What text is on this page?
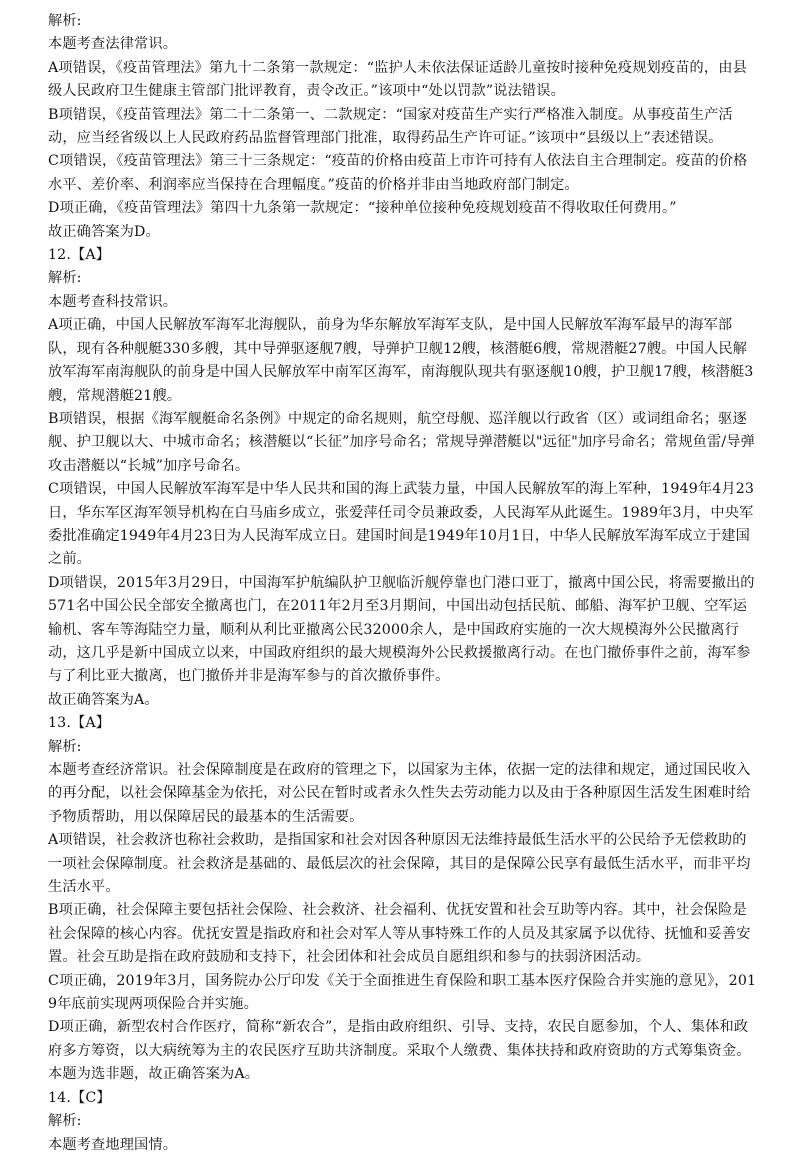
解析:
本题考查法律常识。
A项错误，《疫苗管理法》第九十二条第一款规定：“监护人未依法保证适龄儿童按时接种免疫规划疫苗的，由县级人民政府卫生健康主管部门批评教育，责令改正。”该项中“处以罚款”说法错误。
B项错误，《疫苗管理法》第二十二条第一、二款规定：“国家对疫苗生产实行严格准入制度。从事疫苗生产活动，应当经省级以上人民政府药品监督管理部门批准，取得药品生产许可证。”该项中“县级以上”表述错误。
C项错误，《疫苗管理法》第三十三条规定：“疫苗的价格由疫苗上市许可持有人依法自主合理制定。疫苗的价格水平、差价率、利润率应当保持在合理幅度。”疫苗的价格并非由当地政府部门制定。
D项正确，《疫苗管理法》第四十九条第一款规定：“接种单位接种免疫规划疫苗不得收取任何费用。”
故正确答案为D。
12.【A】
解析:
本题考查科技常识。
A项正确，中国人民解放军海军北海舰队，前身为华东解放军海军支队，是中国人民解放军海军最早的海军部队，现有各种舰艇330多艘，其中导弹驱逐舰7艘，导弹护卫舰12艘，核潜艇6艘，常规潜艇27艘。中国人民解放军海军南海舰队的前身是中国人民解放军中南军区海军，南海舰队现共有驱逐舰10艘，护卫舰17艘，核潜艇3艘，常规潜艇21艘。
B项错误，根据《海军舰艇命名条例》中规定的命名规则，航空母舰、巡洋舰以行政省（区）或词组命名；驱逐舰、护卫舰以大、中城市命名；核潜艇以“长征”加序号命名；常规导弹潜艇以"远征"加序号命名；常规鱼雷/导弹攻击潜艇以“长城”加序号命名。
C项错误，中国人民解放军海军是中华人民共和国的海上武装力量，中国人民解放军的海上军种，1949年4月23日，华东军区海军领导机构在白马庙乡成立，张爱萍任司令员兼政委，人民海军从此诞生。1989年3月，中央军委批准确定1949年4月23日为人民海军成立日。建国时间是1949年10月1日，中华人民解放军海军成立于建国之前。
D项错误，2015年3月29日，中国海军护航编队护卫舰临沂舰停靠也门港口亚丁，撤离中国公民，将需要撤出的571名中国公民全部安全撤离也门，在2011年2月至3月期间，中国出动包括民航、邮船、海军护卫舰、空军运输机、客车等海陆空力量，顺利从利比亚撤离公民32000余人，是中国政府实施的一次大规模海外公民撤离行动，这几乎是新中国成立以来，中国政府组织的最大规模海外公民救援撤离行动。在也门撤侨事件之前，海军参与了利比亚大撤离，也门撤侨并非是海军参与的首次撤侨事件。
故正确答案为A。
13.【A】
解析:
本题考查经济常识。社会保障制度是在政府的管理之下，以国家为主体，依据一定的法律和规定，通过国民收入的再分配，以社会保障基金为依托，对公民在暂时或者永久性失去劳动能力以及由于各种原因生活发生困难时给予物质帮助，用以保障居民的最基本的生活需要。
A项错误，社会救济也称社会救助，是指国家和社会对因各种原因无法维持最低生活水平的公民给予无偿救助的一项社会保障制度。社会救济是基础的、最低层次的社会保障，其目的是保障公民享有最低生活水平，而非平均生活水平。
B项正确，社会保障主要包括社会保险、社会救济、社会福利、优抚安置和社会互助等内容。其中，社会保险是社会保障的核心内容。优抚安置是指政府和社会对军人等从事特殊工作的人员及其家属予以优待、抚恤和妥善安置。社会互助是指在政府鼓励和支持下，社会团体和社会成员自愿组织和参与的扶弱济困活动。
C项正确，2019年3月，国务院办公厅印发《关于全面推进生育保险和职工基本医疗保险合并实施的意见》，2019年底前实现两项保险合并实施。
D项正确，新型农村合作医疗，简称“新农合”，是指由政府组织、引导、支持，农民自愿参加，个人、集体和政府多方筹资，以大病统筹为主的农民医疗互助共济制度。采取个人缴费、集体扶持和政府资助的方式筹集资金。
本题为选非题，故正确答案为A。
14.【C】
解析:
本题考查地理国情。
